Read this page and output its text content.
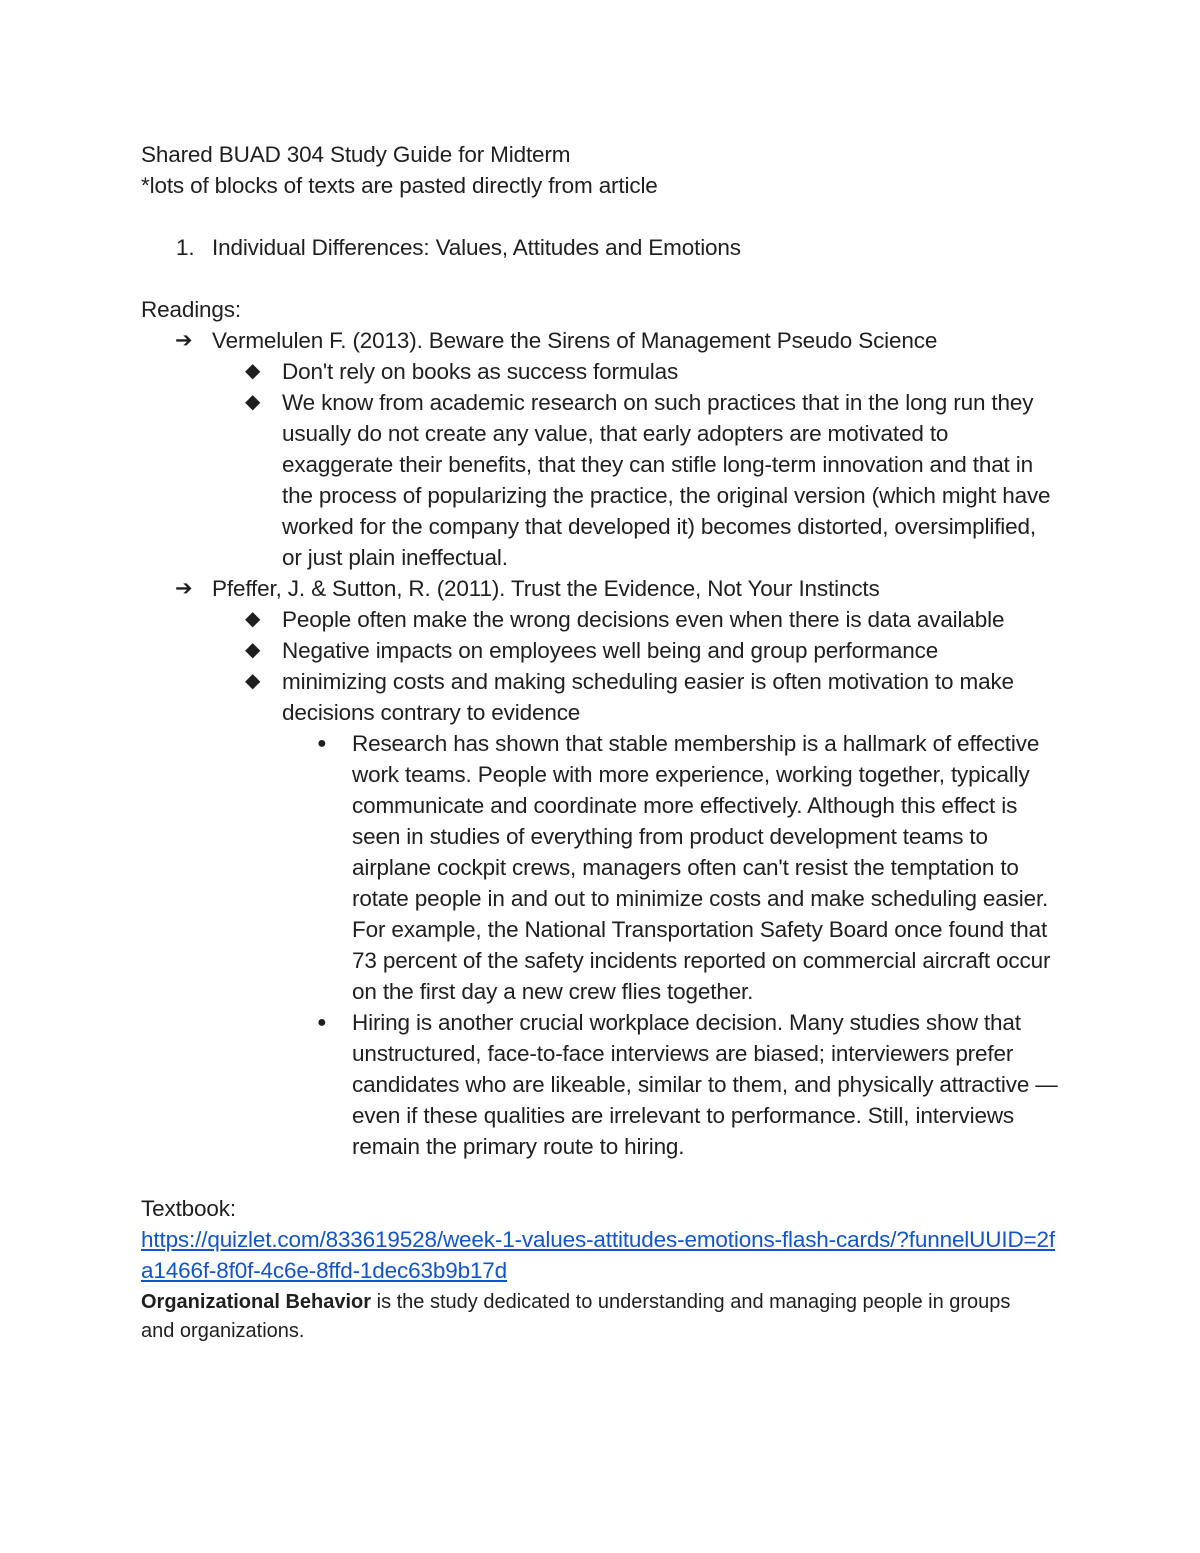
Shared BUAD 304 Study Guide for Midterm
*lots of blocks of texts are pasted directly from article
1. Individual Differences: Values, Attitudes and Emotions
Readings:
➔ Vermelulen F. (2013). Beware the Sirens of Management Pseudo Science
◆ Don't rely on books as success formulas
◆ We know from academic research on such practices that in the long run they usually do not create any value, that early adopters are motivated to exaggerate their benefits, that they can stifle long-term innovation and that in the process of popularizing the practice, the original version (which might have worked for the company that developed it) becomes distorted, oversimplified, or just plain ineffectual.
➔ Pfeffer, J. & Sutton, R. (2011). Trust the Evidence, Not Your Instincts
◆ People often make the wrong decisions even when there is data available
◆ Negative impacts on employees well being and group performance
◆ minimizing costs and making scheduling easier is often motivation to make decisions contrary to evidence
●	Research has shown that stable membership is a hallmark of effective work teams. People with more experience, working together, typically communicate and coordinate more effectively. Although this effect is seen in studies of everything from product development teams to airplane cockpit crews, managers often can't resist the temptation to rotate people in and out to minimize costs and make scheduling easier. For example, the National Transportation Safety Board once found that 73 percent of the safety incidents reported on commercial aircraft occur on the first day a new crew flies together.
●	Hiring is another crucial workplace decision. Many studies show that unstructured, face-to-face interviews are biased; interviewers prefer candidates who are likeable, similar to them, and physically attractive — even if these qualities are irrelevant to performance. Still, interviews remain the primary route to hiring.
Textbook:
https://quizlet.com/833619528/week-1-values-attitudes-emotions-flash-cards/?funnelUUID=2fa1466f-8f0f-4c6e-8ffd-1dec63b9b17d
Organizational Behavior is the study dedicated to understanding and managing people in groups and organizations.
